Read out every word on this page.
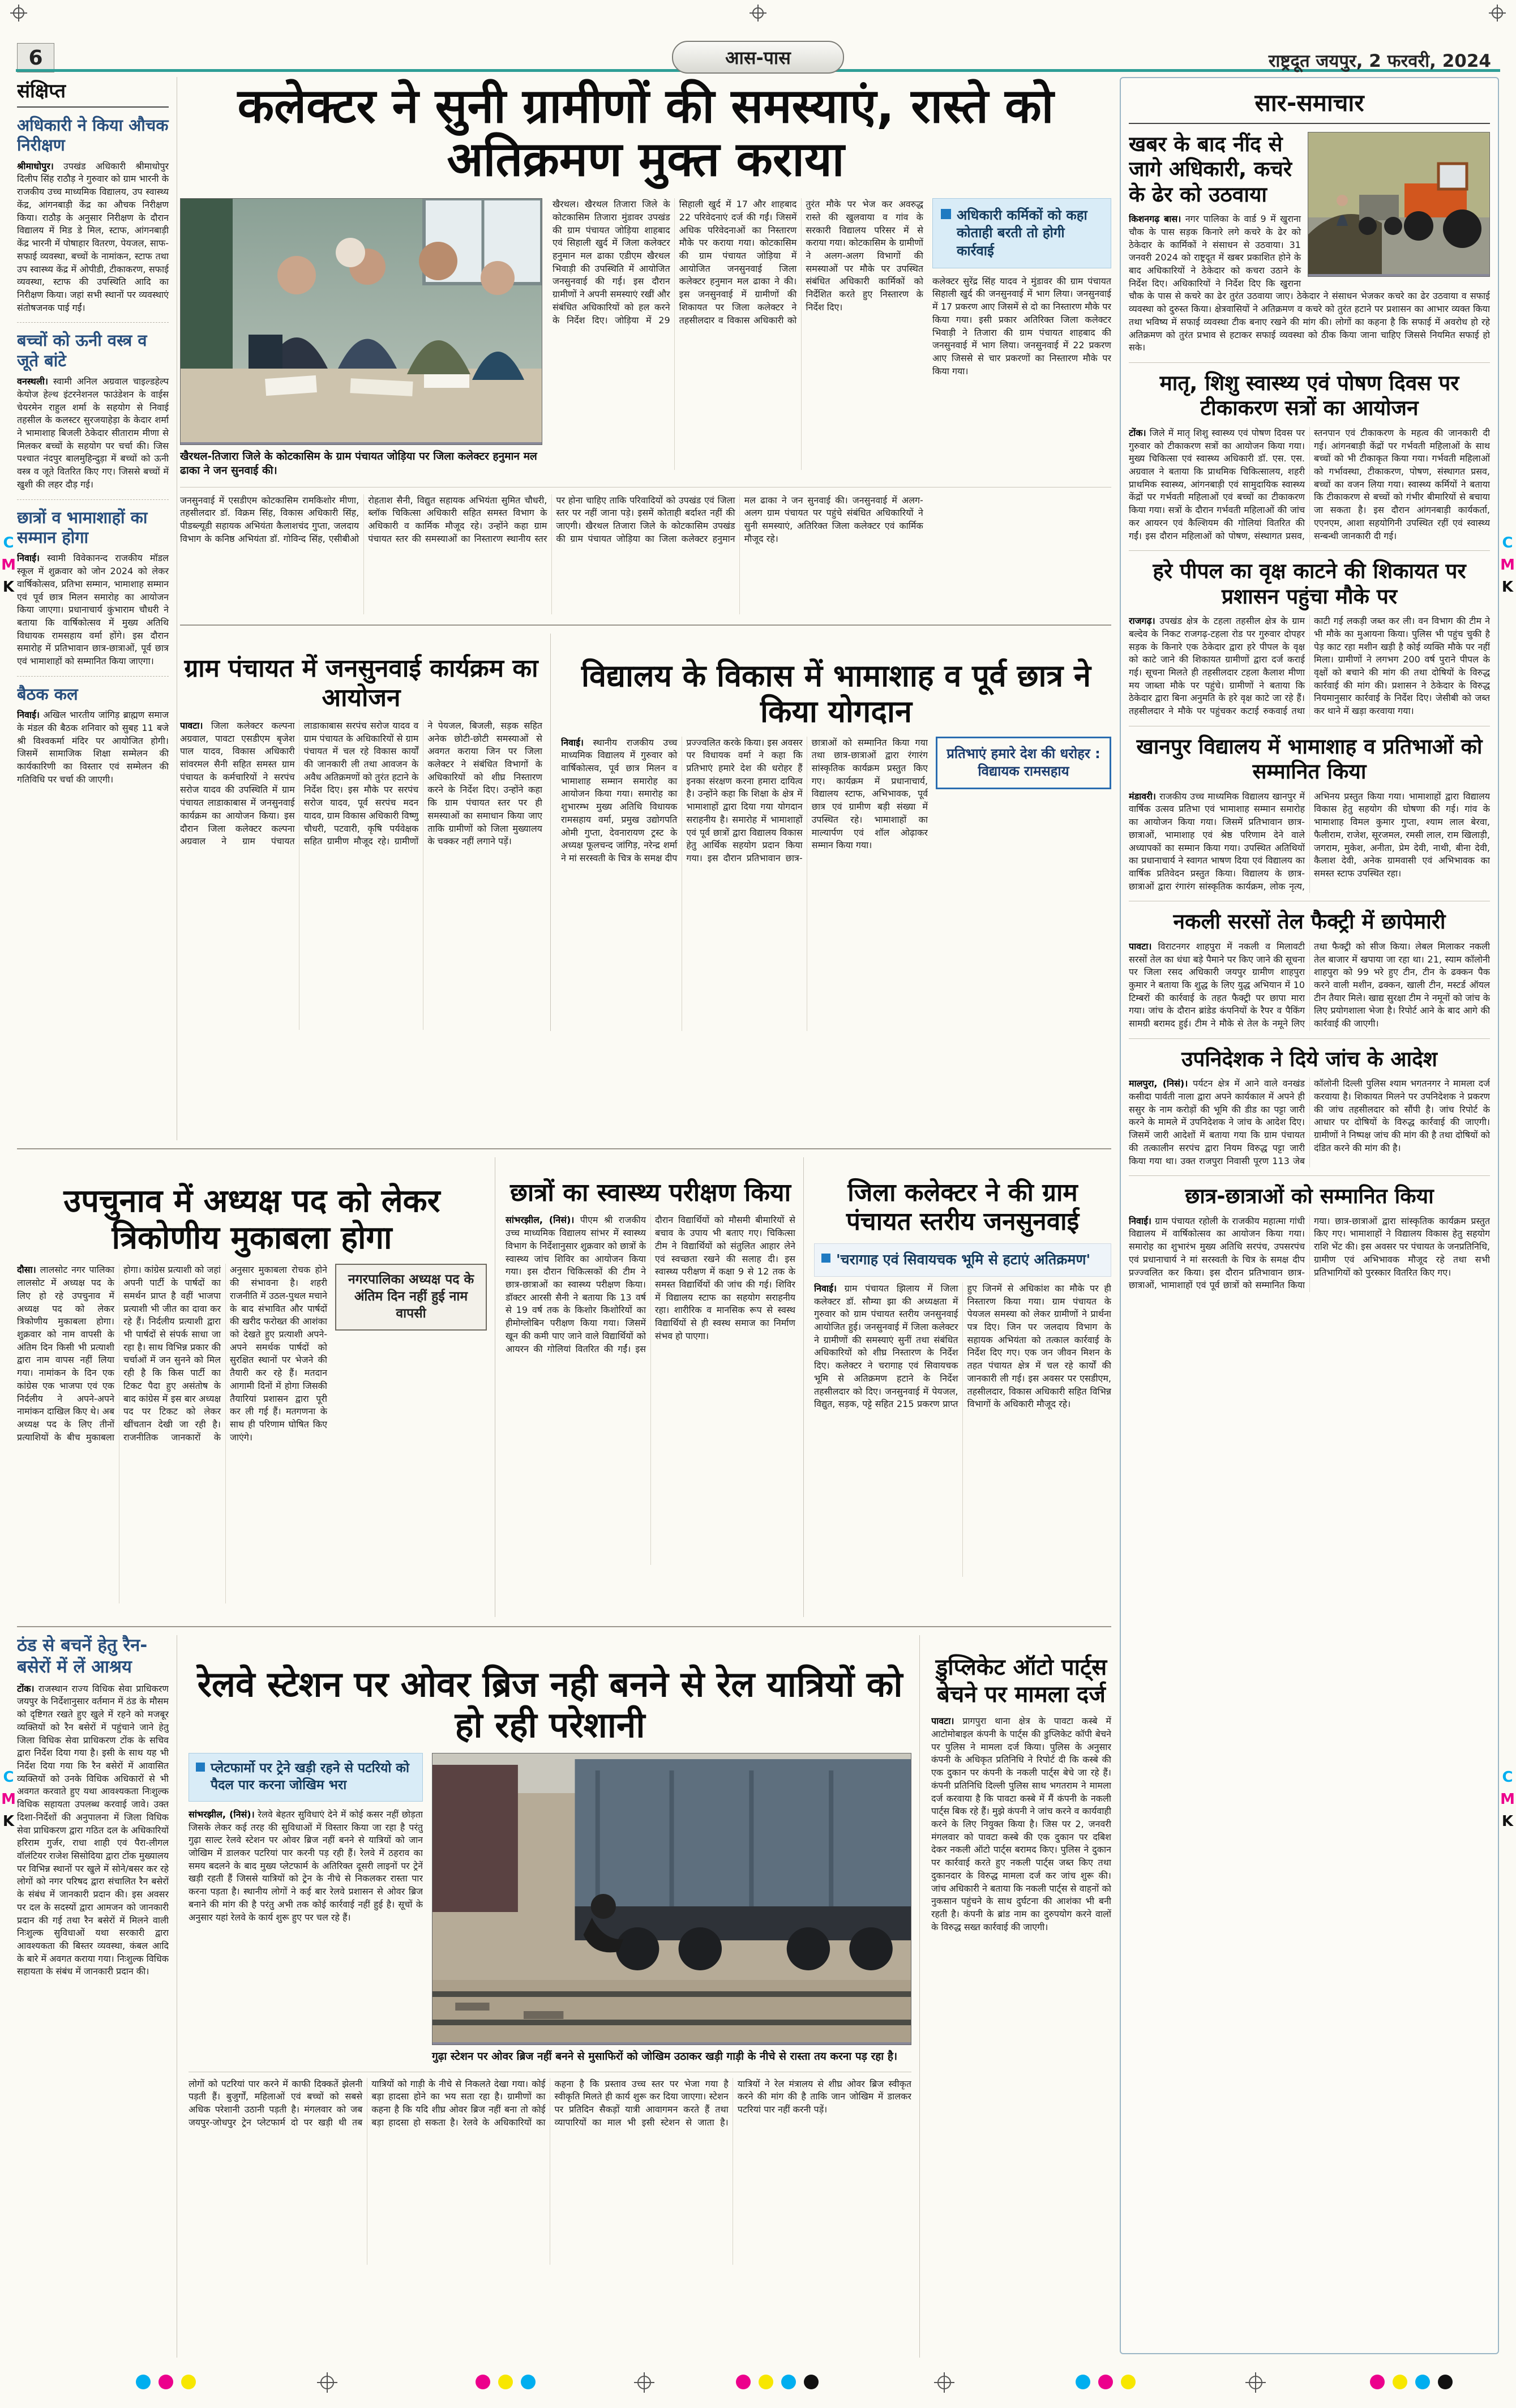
6	आस-पास	राष्ट्रदूत जयपुर, 2 फरवरी, 2024
संक्षिप्त
अधिकारी ने किया औचक निरीक्षण

श्रीमाधोपुर। उपखंड अधिकारी श्रीमाधोपुर दिलीप सिंह राठौड़ ने गुरुवार को ग्राम भारनी के राजकीय उच्च माध्यमिक विद्यालय, उप स्वास्थ्य केंद्र, आंगनबाड़ी केंद्र का औचक निरीक्षण किया। राठौड़ के अनुसार निरीक्षण के दौरान विद्यालय में मिड डे मिल, स्टाफ, आंगनबाड़ी केंद्र भारनी में पोषाहार वितरण, पेयजल, साफ-सफाई व्यवस्था, बच्चों के नामांकन, स्टाफ तथा उप स्वास्थ्य केंद्र में ओपीडी, टीकाकरण, सफाई व्यवस्था, स्टाफ की उपस्थिति आदि का निरीक्षण किया। जहां सभी स्थानों पर व्यवस्थाएं संतोषजनक पाई गईं।

बच्चों को ऊनी वस्त्र व जूते बांटे

वनस्थली। स्वामी अनिल अग्रवाल चाइल्डहेल्प केयोज हेल्थ इंटरनेशनल फाउंडेशन के वाईस चेयरमेन राहुल शर्मा के सहयोग से निवाई तहसील के कलस्टर सुरजयाहेड़ा के केदार शर्मा ने भामाशाह बिजली ठेकेदार सीताराम मीणा से मिलकर बच्चों के सहयोग पर चर्चा की। जिस पश्चात नंदपुर बालमुहिन्दुड़ा में बच्चों को ऊनी वस्त्र व जूते वितरित किए गए। जिससे बच्चों में खुशी की लहर दौड़ गई।

छात्रों व भामाशाहों का सम्मान होगा

निवाई। स्वामी विवेकानन्द राजकीय मॉडल स्कूल में शुक्रवार को जोन 2024 को लेकर वार्षिकोत्सव, प्रतिभा सम्मान, भामाशाह सम्मान एवं पूर्व छात्र मिलन समारोह का आयोजन किया जाएगा। प्रधानाचार्य कुंभाराम चौधरी ने बताया कि वार्षिकोत्सव में मुख्य अतिथि विधायक रामसहाय वर्मा होंगे। इस दौरान समारोह में प्रतिभावान छात्र-छात्राओं, पूर्व छात्र एवं भामाशाहों को सम्मानित किया जाएगा।

बैठक कल

निवाई। अखिल भारतीय जांगिड़ ब्राह्मण समाज के मंडल की बैठक शनिवार को सुबह 11 बजे श्री विश्वकर्मा मंदिर पर आयोजित होगी। जिसमें सामाजिक शिक्षा सम्मेलन की कार्यकारिणी का विस्तार एवं सम्मेलन की गतिविधि पर चर्चा की जाएगी।

कलेक्टर ने सुनी ग्रामीणों की समस्याएं, रास्ते को अतिक्रमण मुक्त कराया
खैरथल-तिजारा जिले के कोटकासिम के ग्राम पंचायत जोड़िया पर जिला कलेक्टर हनुमान मल ढाका ने जन सुनवाई की।

खैरथल। खैरथल तिजारा जिले के कोटकासिम तिजारा मुंडावर उपखंड की ग्राम पंचायत जोड़िया शाहबाद एवं सिहाली खुर्द में जिला कलेक्टर हनुमान मल ढाका एडीएम खैरथल भिवाड़ी की उपस्थिति में आयोजित जनसुनवाई की गई। इस दौरान ग्रामीणों ने अपनी समस्याएं रखीं और संबंधित अधिकारियों को हल करने के निर्देश दिए। जोड़िया में 29 सिहाली खुर्द में 17 और शाहबाद 22 परिवेदनाएं दर्ज की गईं। जिसमें अधिक परिवेदनाओं का निस्तारण मौके पर कराया गया। कोटकासिम की ग्राम पंचायत जोड़िया में आयोजित जनसुनवाई जिला कलेक्टर हनुमान मल ढाका ने की। इस जनसुनवाई में ग्रामीणों की शिकायत पर जिला कलेक्टर ने तहसीलदार व विकास अधिकारी को तुरंत मौके पर भेज कर अवरुद्ध रास्ते की खुलवाया व गांव के सरकारी विद्यालय परिसर में से कराया गया। कोटकासिम के ग्रामीणों ने अलग-अलग विभागों की समस्याओं पर मौके पर उपस्थित संबंधित अधिकारी कार्मिकों को निर्देशित करते हुए निस्तारण के निर्देश दिए।

अधिकारी कर्मिकों को कहा कोताही बरती तो होगी कार्रवाई

कलेक्टर सुरेंद्र सिंह यादव ने मुंडावर की ग्राम पंचायत सिहाली खुर्द की जनसुनवाई में भाग लिया। जनसुनवाई में 17 प्रकरण आए जिसमें से दो का निस्तारण मौके पर किया गया। इसी प्रकार अतिरिक्त जिला कलेक्टर भिवाड़ी ने तिजारा की ग्राम पंचायत शाहबाद की जनसुनवाई में भाग लिया। जनसुनवाई में 22 प्रकरण आए जिससे से चार प्रकरणों का निस्तारण मौके पर किया गया।

जनसुनवाई में एसडीएम कोटकासिम रामकिशोर मीणा, तहसीलदार डॉ. विक्रम सिंह, विकास अधिकारी सिंह, पीडब्ल्यूडी सहायक अभियंता कैलाशचंद गुप्ता, जलदाय विभाग के कनिष्ठ अभियंता डॉ. गोविन्द सिंह, एसीबीओ रोहताश सैनी, विद्युत सहायक अभियंता सुमित चौधरी, ब्लॉक चिकित्सा अधिकारी सहित समस्त विभाग के अधिकारी व कार्मिक मौजूद रहे। उन्होंने कहा ग्राम पंचायत स्तर की समस्याओं का निस्तारण स्थानीय स्तर पर होना चाहिए ताकि परिवादियों को उपखंड एवं जिला स्तर पर नहीं जाना पड़े। इसमें कोताही बर्दाश्त नहीं की जाएगी। खैरथल तिजारा जिले के कोटकासिम उपखंड की ग्राम पंचायत जोड़िया का जिला कलेक्टर हनुमान मल ढाका ने जन सुनवाई की। जनसुनवाई में अलग-अलग ग्राम पंचायत पर पहुंचे संबंधित अधिकारियों ने सुनी समस्याएं, अतिरिक्त जिला कलेक्टर एवं कार्मिक मौजूद रहे।

ग्राम पंचायत में जनसुनवाई कार्यक्रम का आयोजन

पावटा। जिला कलेक्टर कल्पना अग्रवाल, पावटा एसडीएम बृजेश पाल यादव, विकास अधिकारी सांवरमल सैनी सहित समस्त ग्राम पंचायत के कर्मचारियों ने सरपंच सरोज यादव की उपस्थिति में ग्राम पंचायत लाडाकाबास में जनसुनवाई कार्यक्रम का आयोजन किया। इस दौरान जिला कलेक्टर कल्पना अग्रवाल ने ग्राम पंचायत लाडाकाबास सरपंच सरोज यादव व ग्राम पंचायत के अधिकारियों से ग्राम पंचायत में चल रहे विकास कार्यों की जानकारी ली तथा आवजन के अवैध अतिक्रमणों को तुरंत हटाने के निर्देश दिए। इस मौके पर सरपंच सरोज यादव, पूर्व सरपंच मदन यादव, ग्राम विकास अधिकारी विष्णु चौधरी, पटवारी, कृषि पर्यवेक्षक सहित ग्रामीण मौजूद रहे। ग्रामीणों ने पेयजल, बिजली, सड़क सहित अनेक छोटी-छोटी समस्याओं से अवगत कराया जिन पर जिला कलेक्टर ने संबंधित विभागों के अधिकारियों को शीघ्र निस्तारण करने के निर्देश दिए। उन्होंने कहा कि ग्राम पंचायत स्तर पर ही समस्याओं का समाधान किया जाए ताकि ग्रामीणों को जिला मुख्यालय के चक्कर नहीं लगाने पड़ें।

विद्यालय के विकास में भामाशाह व पूर्व छात्र ने किया योगदान
प्रतिभाएं हमारे देश की धरोहर : विद्यायक रामसहाय

निवाई। स्थानीय राजकीय उच्च माध्यमिक विद्यालय में गुरुवार को वार्षिकोत्सव, पूर्व छात्र मिलन व भामाशाह सम्मान समारोह का आयोजन किया गया। समारोह का शुभारम्भ मुख्य अतिथि विधायक रामसहाय वर्मा, प्रमुख उद्योगपति ओमी गुप्ता, देवनारायण ट्रस्ट के अध्यक्ष फूलचन्द जांगिड़, नरेन्द्र शर्मा ने मां सरस्वती के चित्र के समक्ष दीप प्रज्ज्वलित करके किया। इस अवसर पर विधायक वर्मा ने कहा कि प्रतिभाएं हमारे देश की धरोहर हैं इनका संरक्षण करना हमारा दायित्व है। उन्होंने कहा कि शिक्षा के क्षेत्र में भामाशाहों द्वारा दिया गया योगदान सराहनीय है। समारोह में भामाशाहों एवं पूर्व छात्रों द्वारा विद्यालय विकास हेतु आर्थिक सहयोग प्रदान किया गया। इस दौरान प्रतिभावान छात्र-छात्राओं को सम्मानित किया गया तथा छात्र-छात्राओं द्वारा रंगारंग सांस्कृतिक कार्यक्रम प्रस्तुत किए गए। कार्यक्रम में प्रधानाचार्य, विद्यालय स्टाफ, अभिभावक, पूर्व छात्र एवं ग्रामीण बड़ी संख्या में उपस्थित रहे। भामाशाहों का माल्यार्पण एवं शॉल ओढ़ाकर सम्मान किया गया।

उपचुनाव में अध्यक्ष पद को लेकर त्रिकोणीय मुकाबला होगा
नगरपालिका अध्यक्ष पद के अंतिम दिन नहीं हुई नाम वापसी

दौसा। लालसोट नगर पालिका लालसोट में अध्यक्ष पद के लिए हो रहे उपचुनाव में अध्यक्ष पद को लेकर त्रिकोणीय मुकाबला होगा। शुक्रवार को नाम वापसी के अंतिम दिन किसी भी प्रत्याशी द्वारा नाम वापस नहीं लिया गया। नामांकन के दिन एक कांग्रेस एक भाजपा एवं एक निर्दलीय ने अपने-अपने नामांकन दाखिल किए थे। अब अध्यक्ष पद के लिए तीनों प्रत्याशियों के बीच मुकाबला होगा। कांग्रेस प्रत्याशी को जहां अपनी पार्टी के पार्षदों का समर्थन प्राप्त है वहीं भाजपा प्रत्याशी भी जीत का दावा कर रहे हैं। निर्दलीय प्रत्याशी द्वारा भी पार्षदों से संपर्क साधा जा रहा है। साथ विभिन्न प्रकार की चर्चाओं में जन सुनने को मिल रही है कि किस पार्टी का टिकट पैदा हुए असंतोष के बाद कांग्रेस में इस बार अध्यक्ष पद पर टिकट को लेकर खींचतान देखी जा रही है। राजनीतिक जानकारों के अनुसार मुकाबला रोचक होने की संभावना है। शहरी राजनीति में उठल-पुथल मचाने के बाद संभावित और पार्षदों की खरीद फरोख्त की आशंका को देखते हुए प्रत्याशी अपने-अपने समर्थक पार्षदों को सुरक्षित स्थानों पर भेजने की तैयारी कर रहे हैं। मतदान आगामी दिनों में होगा जिसकी तैयारियां प्रशासन द्वारा पूरी कर ली गई हैं। मतगणना के साथ ही परिणाम घोषित किए जाएंगे।

छात्रों का स्वास्थ्य परीक्षण किया

सांभरझील, (निसं)। पीएम श्री राजकीय उच्च माध्यमिक विद्यालय सांभर में स्वास्थ्य विभाग के निर्देशानुसार शुक्रवार को छात्रों के स्वास्थ्य जांच शिविर का आयोजन किया गया। इस दौरान चिकित्सकों की टीम ने छात्र-छात्राओं का स्वास्थ्य परीक्षण किया। डॉक्टर आरसी सैनी ने बताया कि 13 वर्ष से 19 वर्ष तक के किशोर किशोरियों का हीमोग्लोबिन परीक्षण किया गया। जिसमें खून की कमी पाए जाने वाले विद्यार्थियों को आयरन की गोलियां वितरित की गईं। इस दौरान विद्यार्थियों को मौसमी बीमारियों से बचाव के उपाय भी बताए गए। चिकित्सा टीम ने विद्यार्थियों को संतुलित आहार लेने एवं स्वच्छता रखने की सलाह दी। इस स्वास्थ्य परीक्षण में कक्षा 9 से 12 तक के समस्त विद्यार्थियों की जांच की गई। शिविर में विद्यालय स्टाफ का सहयोग सराहनीय रहा। शारीरिक व मानसिक रूप से स्वस्थ विद्यार्थियों से ही स्वस्थ समाज का निर्माण संभव हो पाएगा।

जिला कलेक्टर ने की ग्राम पंचायत स्तरीय जनसुनवाई
'चरागाह एवं सिवायचक भूमि से हटाएं अतिक्रमण'

निवाई। ग्राम पंचायत झिलाय में जिला कलेक्टर डॉ. सौम्या झा की अध्यक्षता में गुरुवार को ग्राम पंचायत स्तरीय जनसुनवाई आयोजित हुई। जनसुनवाई में जिला कलेक्टर ने ग्रामीणों की समस्याएं सुनीं तथा संबंधित अधिकारियों को शीघ्र निस्तारण के निर्देश दिए। कलेक्टर ने चरागाह एवं सिवायचक भूमि से अतिक्रमण हटाने के निर्देश तहसीलदार को दिए। जनसुनवाई में पेयजल, विद्युत, सड़क, पट्टे सहित 215 प्रकरण प्राप्त हुए जिनमें से अधिकांश का मौके पर ही निस्तारण किया गया। ग्राम पंचायत के पेयजल समस्या को लेकर ग्रामीणों ने प्रार्थना पत्र दिए। जिन पर जलदाय विभाग के सहायक अभियंता को तत्काल कार्रवाई के निर्देश दिए गए। एक जन जीवन मिशन के तहत पंचायत क्षेत्र में चल रहे कार्यों की जानकारी ली गई। इस अवसर पर एसडीएम, तहसीलदार, विकास अधिकारी सहित विभिन्न विभागों के अधिकारी मौजूद रहे।

ठंड से बचनें हेतु रैन-बसेरों में लें आश्रय

टोंक। राजस्थान राज्य विधिक सेवा प्राधिकरण जयपुर के निर्देशानुसार वर्तमान में ठंड के मौसम को दृष्टिगत रखते हुए खुले में रहने को मजबूर व्यक्तियों को रैन बसेरों में पहुंचाने जाने हेतु जिला विधिक सेवा प्राधिकरण टोंक के सचिव द्वारा निर्देश दिया गया है। इसी के साथ यह भी निर्देश दिया गया कि रैन बसेरों में आवासित व्यक्तियों को उनके विधिक अधिकारों से भी अवगत करवाते हुए यथा आवश्यकता निःशुल्क विधिक सहायता उपलब्ध करवाई जावे। उक्त दिशा-निर्देशों की अनुपालना में जिला विधिक सेवा प्राधिकरण द्वारा गठित दल के अधिकारियों हरिराम गुर्जर, राधा शाही एवं पैरा-लीगल वॉलंटियर राजेश सिसोदिया द्वारा टोंक मुख्यालय पर विभिन्न स्थानों पर खुले में सोने/बसर कर रहे लोगों को नगर परिषद द्वारा संचालित रैन बसेरों के संबंध में जानकारी प्रदान की। इस अवसर पर दल के सदस्यों द्वारा आमजन को जानकारी प्रदान की गई तथा रैन बसेरों में मिलने वाली निःशुल्क सुविधाओं यथा सरकारी द्वारा आवश्यकता की बिस्तर व्यवस्था, कंबल आदि के बारे में अवगत कराया गया। निःशुल्क विधिक सहायता के संबंध में जानकारी प्रदान की।

रेलवे स्टेशन पर ओवर ब्रिज नही बनने से रेल यात्रियों को हो रही परेशानी
प्लेटफार्मो पर ट्रेने खड़ी रहने से पटरियो को पैदल पार करना जोखिम भरा

सांभरझील, (निसं)। रेलवे बेहतर सुविधाएं देने में कोई कसर नहीं छोड़ता जिसके लेकर कई तरह की सुविधाओं में विस्तार किया जा रहा है परंतु गुढ़ा साल्ट रेलवे स्टेशन पर ओवर ब्रिज नहीं बनने से यात्रियों को जान जोखिम में डालकर पटरियां पार करनी पड़ रही हैं। रेलवे में ठहराव का समय बदलने के बाद मुख्य प्लेटफार्म के अतिरिक्त दूसरी लाइनों पर ट्रेनें खड़ी रहती हैं जिससे यात्रियों को ट्रेन के नीचे से निकलकर रास्ता पार करना पड़ता है। स्थानीय लोगों ने कई बार रेलवे प्रशासन से ओवर ब्रिज बनाने की मांग की है परंतु अभी तक कोई कार्रवाई नहीं हुई है। सूचों के अनुसार यहां रेलवे के कार्य शुरू हुए पर चल रहे हैं।

गुढ़ा स्टेशन पर ओवर ब्रिज नहीं बनने से मुसाफिरों को जोखिम उठाकर खड़ी गाड़ी के नीचे से रास्ता तय करना पड़ रहा है।

लोगों को पटरियां पार करने में काफी दिक्कतें झेलनी पड़ती हैं। बुजुर्गों, महिलाओं एवं बच्चों को सबसे अधिक परेशानी उठानी पड़ती है। मंगलवार को जब जयपुर-जोधपुर ट्रेन प्लेटफार्म दो पर खड़ी थी तब यात्रियों को गाड़ी के नीचे से निकलते देखा गया। कोई बड़ा हादसा होने का भय सता रहा है। ग्रामीणों का कहना है कि यदि शीघ्र ओवर ब्रिज नहीं बना तो कोई बड़ा हादसा हो सकता है। रेलवे के अधिकारियों का कहना है कि प्रस्ताव उच्च स्तर पर भेजा गया है स्वीकृति मिलते ही कार्य शुरू कर दिया जाएगा। स्टेशन पर प्रतिदिन सैकड़ों यात्री आवागमन करते हैं तथा व्यापारियों का माल भी इसी स्टेशन से जाता है। यात्रियों ने रेल मंत्रालय से शीघ्र ओवर ब्रिज स्वीकृत करने की मांग की है ताकि जान जोखिम में डालकर पटरियां पार नहीं करनी पड़ें।

डुप्लिकेट ऑटो पार्ट्स बेचने पर मामला दर्ज

पावटा। प्रागपुरा थाना क्षेत्र के पावटा कस्बे में आटोमोबाइल कंपनी के पार्ट्स की डुप्लिकेट कॉपी बेचने पर पुलिस ने मामला दर्ज किया। पुलिस के अनुसार कंपनी के अधिकृत प्रतिनिधि ने रिपोर्ट दी कि कस्बे की एक दुकान पर कंपनी के नकली पार्ट्स बेचे जा रहे हैं। कंपनी प्रतिनिधि दिल्ली पुलिस साथ भगतराम ने मामला दर्ज करवाया है कि पावटा कस्बे में मैं कंपनी के नकली पार्ट्स बिक रहे हैं। मुझे कंपनी ने जांच करने व कार्यवाही करने के लिए नियुक्त किया है। जिस पर 2, जनवरी मंगलवार को पावटा कस्बे की एक दुकान पर दबिश देकर नकली ऑटो पार्ट्स बरामद किए। पुलिस ने दुकान पर कार्रवाई करते हुए नकली पार्ट्स जब्त किए तथा दुकानदार के विरुद्ध मामला दर्ज कर जांच शुरू की। जांच अधिकारी ने बताया कि नकली पार्ट्स से वाहनों को नुकसान पहुंचने के साथ दुर्घटना की आशंका भी बनी रहती है। कंपनी के ब्रांड नाम का दुरुपयोग करने वालों के विरुद्ध सख्त कार्रवाई की जाएगी।

सार-समाचार
खबर के बाद नींद से जागे अधिकारी, कचरे के ढेर को उठवाया

किशनगढ़ बास। नगर पालिका के वार्ड 9 में खुराना चौक के पास सड़क किनारे लगे कचरे के ढेर को ठेकेदार के कार्मिकों ने संसाधन से उठवाया। 31 जनवरी 2024 को राष्ट्रदूत में खबर प्रकाशित होने के बाद अधिकारियों ने ठेकेदार को कचरा उठाने के निर्देश दिए। अधिकारियों ने निर्देश दिए कि खुराना चौक के पास से कचरे का ढेर तुरंत उठवाया जाए। ठेकेदार ने संसाधन भेजकर कचरे का ढेर उठवाया व सफाई व्यवस्था को दुरुस्त किया। क्षेत्रवासियों ने अतिक्रमण व कचरे को तुरंत हटाने पर प्रशासन का आभार व्यक्त किया तथा भविष्य में सफाई व्यवस्था टीक बनाए रखने की मांग की। लोगों का कहना है कि सफाई में अवरोध हो रहे अतिक्रमण को तुरंत प्रभाव से हटाकर सफाई व्यवस्था को ठीक किया जाना चाहिए जिससे नियमित सफाई हो सके।

मातृ, शिशु स्वास्थ्य एवं पोषण दिवस पर टीकाकरण सत्रों का आयोजन

टोंक। जिले में मातृ शिशु स्वास्थ्य एवं पोषण दिवस पर गुरुवार को टीकाकरण सत्रों का आयोजन किया गया। मुख्य चिकित्सा एवं स्वास्थ्य अधिकारी डॉ. एस. एस. अग्रवाल ने बताया कि प्राथमिक चिकित्सालय, शहरी प्राथमिक स्वास्थ्य, आंगनबाड़ी एवं सामुदायिक स्वास्थ्य केंद्रों पर गर्भवती महिलाओं एवं बच्चों का टीकाकरण किया गया। सत्रों के दौरान गर्भवती महिलाओं की जांच कर आयरन एवं कैल्शियम की गोलियां वितरित की गईं। इस दौरान महिलाओं को पोषण, संस्थागत प्रसव, स्तनपान एवं टीकाकरण के महत्व की जानकारी दी गई। आंगनबाड़ी केंद्रों पर गर्भवती महिलाओं के साथ बच्चों को भी टीकाकृत किया गया। गर्भवती महिलाओं को गर्भावस्था, टीकाकरण, पोषण, संस्थागत प्रसव, बच्चों का वजन लिया गया। स्वास्थ्य कर्मियों ने बताया कि टीकाकरण से बच्चों को गंभीर बीमारियों से बचाया जा सकता है। इस दौरान आंगनबाड़ी कार्यकर्ता, एएनएम, आशा सहयोगिनी उपस्थित रहीं एवं स्वास्थ्य सन्बन्धी जानकारी दी गई।

हरे पीपल का वृक्ष काटने की शिकायत पर प्रशासन पहुंचा मौके पर

राजगढ़। उपखंड क्षेत्र के टहला तहसील क्षेत्र के ग्राम बल्देव के निकट राजगढ़-टहला रोड पर गुरुवार दोपहर सड़क के किनारे एक ठेकेदार द्वारा हरे पीपल के वृक्ष को काटे जाने की शिकायत ग्रामीणों द्वारा दर्ज कराई गई। सूचना मिलते ही तहसीलदार टहला कैलाश मीणा मय जाब्ता मौके पर पहुंचे। ग्रामीणों ने बताया कि ठेकेदार द्वारा बिना अनुमति के हरे वृक्ष काटे जा रहे हैं। तहसीलदार ने मौके पर पहुंचकर कटाई रुकवाई तथा काटी गई लकड़ी जब्त कर ली। वन विभाग की टीम ने भी मौके का मुआयना किया। पुलिस भी पहुंच चुकी है पेड़ काट रहा मशीन खड़ी है कोई व्यक्ति मौके पर नहीं मिला। ग्रामीणों ने लगभग 200 वर्ष पुराने पीपल के वृक्षों को बचाने की मांग की तथा दोषियों के विरुद्ध कार्रवाई की मांग की। प्रशासन ने ठेकेदार के विरुद्ध नियमानुसार कार्रवाई के निर्देश दिए। जेसीबी को जब्त कर थाने में खड़ा करवाया गया।

खानपुर विद्यालय में भामाशाह व प्रतिभाओं को सम्मानित किया

मंडावरी। राजकीय उच्च माध्यमिक विद्यालय खानपुर में वार्षिक उत्सव प्रतिभा एवं भामाशाह सम्मान समारोह का आयोजन किया गया। जिसमें प्रतिभावान छात्र-छात्राओं, भामाशाह एवं श्रेष्ठ परिणाम देने वाले अध्यापकों का सम्मान किया गया। उपस्थित अतिथियों का प्रधानाचार्य ने स्वागत भाषण दिया एवं विद्यालय का वार्षिक प्रतिवेदन प्रस्तुत किया। विद्यालय के छात्र-छात्राओं द्वारा रंगारंग सांस्कृतिक कार्यक्रम, लोक नृत्य, अभिनय प्रस्तुत किया गया। भामाशाहों द्वारा विद्यालय विकास हेतु सहयोग की घोषणा की गई। गांव के भामाशाह विमल कुमार गुप्ता, श्याम लाल बेरवा, फैलीराम, राजेश, सूरजमल, रमसी लाल, राम खिलाड़ी, जगराम, मुकेश, अनीता, प्रेम देवी, नाथी, बीना देवी, कैलाश देवी, अनेक ग्रामवासी एवं अभिभावक का समस्त स्टाफ उपस्थित रहा।

नकली सरसों तेल फैक्ट्री में छापेमारी

पावटा। विराटनगर शाहपुरा में नकली व मिलावटी सरसों तेल का धंधा बड़े पैमाने पर किए जाने की सूचना पर जिला रसद अधिकारी जयपुर ग्रामीण शाहपुरा कुमार ने बताया कि शुद्ध के लिए युद्ध अभियान में 10 टिम्बरों की कार्रवाई के तहत फैक्ट्री पर छापा मारा गया। जांच के दौरान ब्रांडेड कंपनियों के रैपर व पैकिंग सामग्री बरामद हुई। टीम ने मौके से तेल के नमूने लिए तथा फैक्ट्री को सीज किया। लेबल मिलाकर नकली तेल बाजार में खपाया जा रहा था। 21, स्याम कॉलोनी शाहपुरा को 99 भरे हुए टीन, टीन के ढक्कन पैक करने वाली मशीन, ढक्कन, खाली टीन, मस्टर्ड ऑयल टीन तैयार मिले। खाद्य सुरक्षा टीम ने नमूनों को जांच के लिए प्रयोगशाला भेजा है। रिपोर्ट आने के बाद आगे की कार्रवाई की जाएगी।

उपनिदेशक ने दिये जांच के आदेश

मालपुरा, (निसं)। पर्यटन क्षेत्र में आने वाले वनखंड कसीदा पार्वती नाला द्वारा अपने कार्यकाल में अपने ही ससुर के नाम करोड़ों की भूमि की डीड का पट्टा जारी करने के मामले में उपनिदेशक ने जांच के आदेश दिए। जिसमें जारी आदेशों में बताया गया कि ग्राम पंचायत की तत्कालीन सरपंच द्वारा नियम विरुद्ध पट्टा जारी किया गया था। उक्त राजपुरा निवासी पूरण 113 जेब कॉलोनी दिल्ली पुलिस श्याम भगतनगर ने मामला दर्ज करवाया है। शिकायत मिलने पर उपनिदेशक ने प्रकरण की जांच तहसीलदार को सौंपी है। जांच रिपोर्ट के आधार पर दोषियों के विरुद्ध कार्रवाई की जाएगी। ग्रामीणों ने निष्पक्ष जांच की मांग की है तथा दोषियों को दंडित करने की मांग की है।

छात्र-छात्राओं को सम्मानित किया

निवाई। ग्राम पंचायत रहोली के राजकीय महात्मा गांधी विद्यालय में वार्षिकोत्सव का आयोजन किया गया। समारोह का शुभारंभ मुख्य अतिथि सरपंच, उपसरपंच एवं प्रधानाचार्य ने मां सरस्वती के चित्र के समक्ष दीप प्रज्ज्वलित कर किया। इस दौरान प्रतिभावान छात्र-छात्राओं, भामाशाहों एवं पूर्व छात्रों को सम्मानित किया गया। छात्र-छात्राओं द्वारा सांस्कृतिक कार्यक्रम प्रस्तुत किए गए। भामाशाहों ने विद्यालय विकास हेतु सहयोग राशि भेंट की। इस अवसर पर पंचायत के जनप्रतिनिधि, ग्रामीण एवं अभिभावक मौजूद रहे तथा सभी प्रतिभागियों को पुरस्कार वितरित किए गए।

C
M
K
C
M
K
C
M
K
C
M
K
